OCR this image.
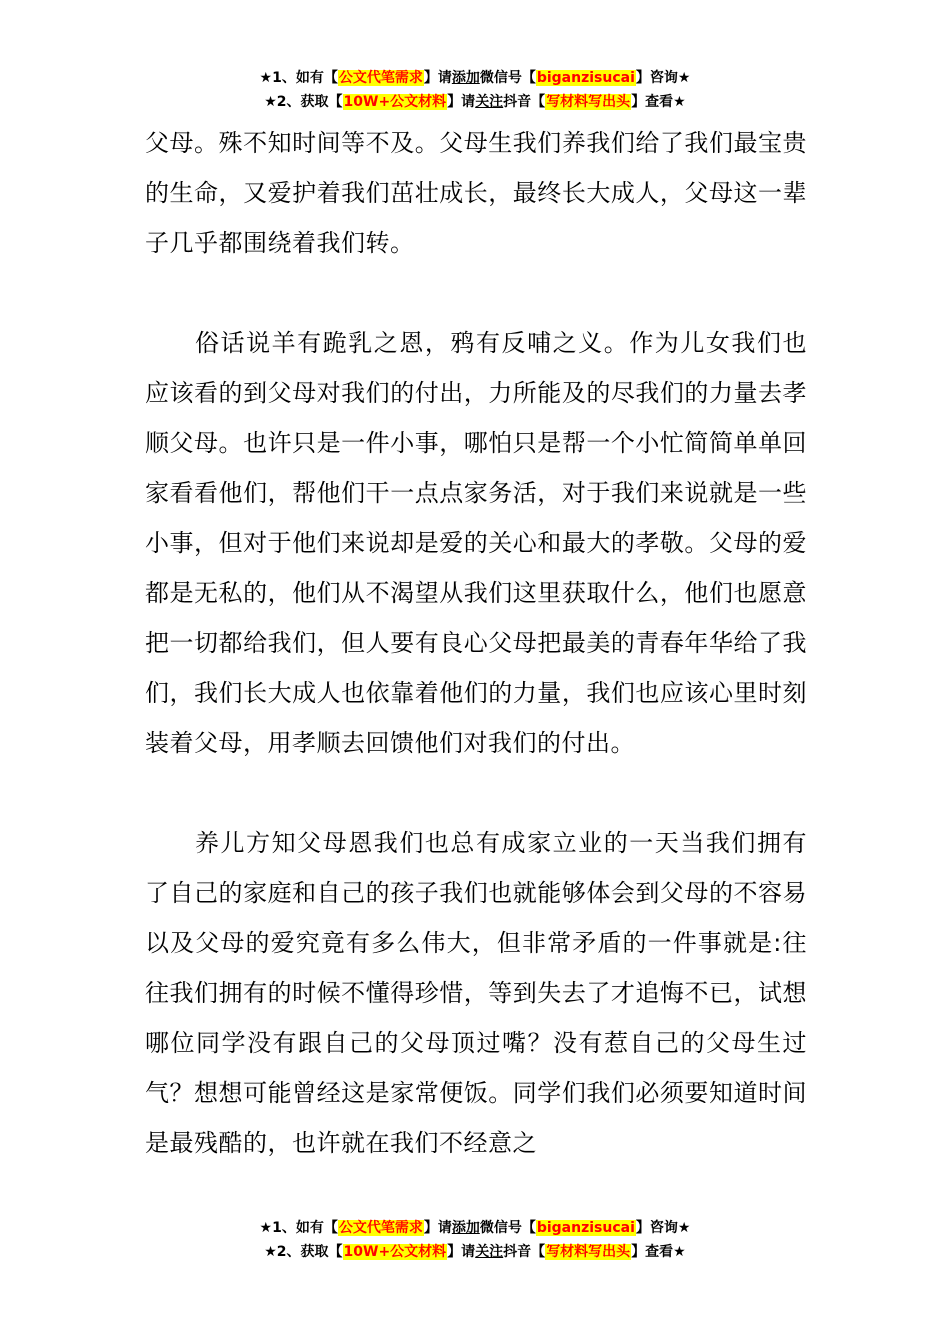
★1、如有【公文代笔需求】请添加微信号【biganzisucai】咨询★
★2、获取【10W+公文材料】请关注抖音【写材料写出头】查看★

父母。殊不知时间等不及。父母生我们养我们给了我们最宝贵的生命，又爱护着我们茁壮成长，最终长大成人，父母这一辈子几乎都围绕着我们转。

俗话说羊有跪乳之恩，鸦有反哺之义。作为儿女我们也应该看的到父母对我们的付出，力所能及的尽我们的力量去孝顺父母。也许只是一件小事，哪怕只是帮一个小忙简简单单回家看看他们，帮他们干一点点家务活，对于我们来说就是一些小事，但对于他们来说却是爱的关心和最大的孝敬。父母的爱都是无私的，他们从不渴望从我们这里获取什么，他们也愿意把一切都给我们，但人要有良心父母把最美的青春年华给了我们，我们长大成人也依靠着他们的力量，我们也应该心里时刻装着父母，用孝顺去回馈他们对我们的付出。

养儿方知父母恩我们也总有成家立业的一天当我们拥有了自己的家庭和自己的孩子我们也就能够体会到父母的不容易以及父母的爱究竟有多么伟大，但非常矛盾的一件事就是:往往我们拥有的时候不懂得珍惜，等到失去了才追悔不已，试想哪位同学没有跟自己的父母顶过嘴？没有惹自己的父母生过气？想想可能曾经这是家常便饭。同学们我们必须要知道时间是最残酷的，也许就在我们不经意之

★1、如有【公文代笔需求】请添加微信号【biganzisucai】咨询★
★2、获取【10W+公文材料】请关注抖音【写材料写出头】查看★
